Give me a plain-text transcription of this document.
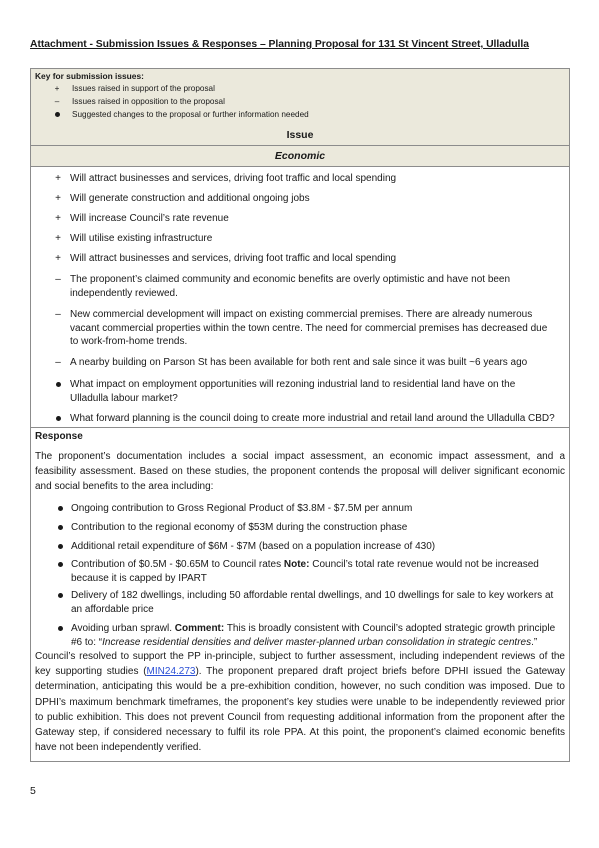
Attachment - Submission Issues & Responses – Planning Proposal for 131 St Vincent Street, Ulladulla
Key for submission issues:
+ Issues raised in support of the proposal
– Issues raised in opposition to the proposal
Suggested changes to the proposal or further information needed
Issue
Economic
+ Will attract businesses and services, driving foot traffic and local spending
+ Will generate construction and additional ongoing jobs
+ Will increase Council’s rate revenue
+ Will utilise existing infrastructure
+ Will attract businesses and services, driving foot traffic and local spending
– The proponent’s claimed community and economic benefits are overly optimistic and have not been independently reviewed.
– New commercial development will impact on existing commercial premises. There are already numerous vacant commercial properties within the town centre. The need for commercial premises has decreased due to work-from-home trends.
– A nearby building on Parson St has been available for both rent and sale since it was built ~6 years ago
What impact on employment opportunities will rezoning industrial land to residential land have on the Ulladulla labour market?
What forward planning is the council doing to create more industrial and retail land around the Ulladulla CBD?
Response
The proponent’s documentation includes a social impact assessment, an economic impact assessment, and a feasibility assessment. Based on these studies, the proponent contends the proposal will deliver significant economic and social benefits to the area including:
Ongoing contribution to Gross Regional Product of $3.8M - $7.5M per annum
Contribution to the regional economy of $53M during the construction phase
Additional retail expenditure of $6M - $7M (based on a population increase of 430)
Contribution of $0.5M - $0.65M to Council rates Note: Council’s total rate revenue would not be increased because it is capped by IPART
Delivery of 182 dwellings, including 50 affordable rental dwellings, and 10 dwellings for sale to key workers at an affordable price
Avoiding urban sprawl. Comment: This is broadly consistent with Council’s adopted strategic growth principle #6 to: “Increase residential densities and deliver master-planned urban consolidation in strategic centres.”
Council’s resolved to support the PP in-principle, subject to further assessment, including independent reviews of the key supporting studies (MIN24.273). The proponent prepared draft project briefs before DPHI issued the Gateway determination, anticipating this would be a pre-exhibition condition, however, no such condition was imposed. Due to DPHI’s maximum benchmark timeframes, the proponent’s key studies were unable to be independently reviewed prior to public exhibition. This does not prevent Council from requesting additional information from the proponent after the Gateway step, if considered necessary to fulfil its role PPA. At this point, the proponent’s claimed economic benefits have not been independently verified.
5
